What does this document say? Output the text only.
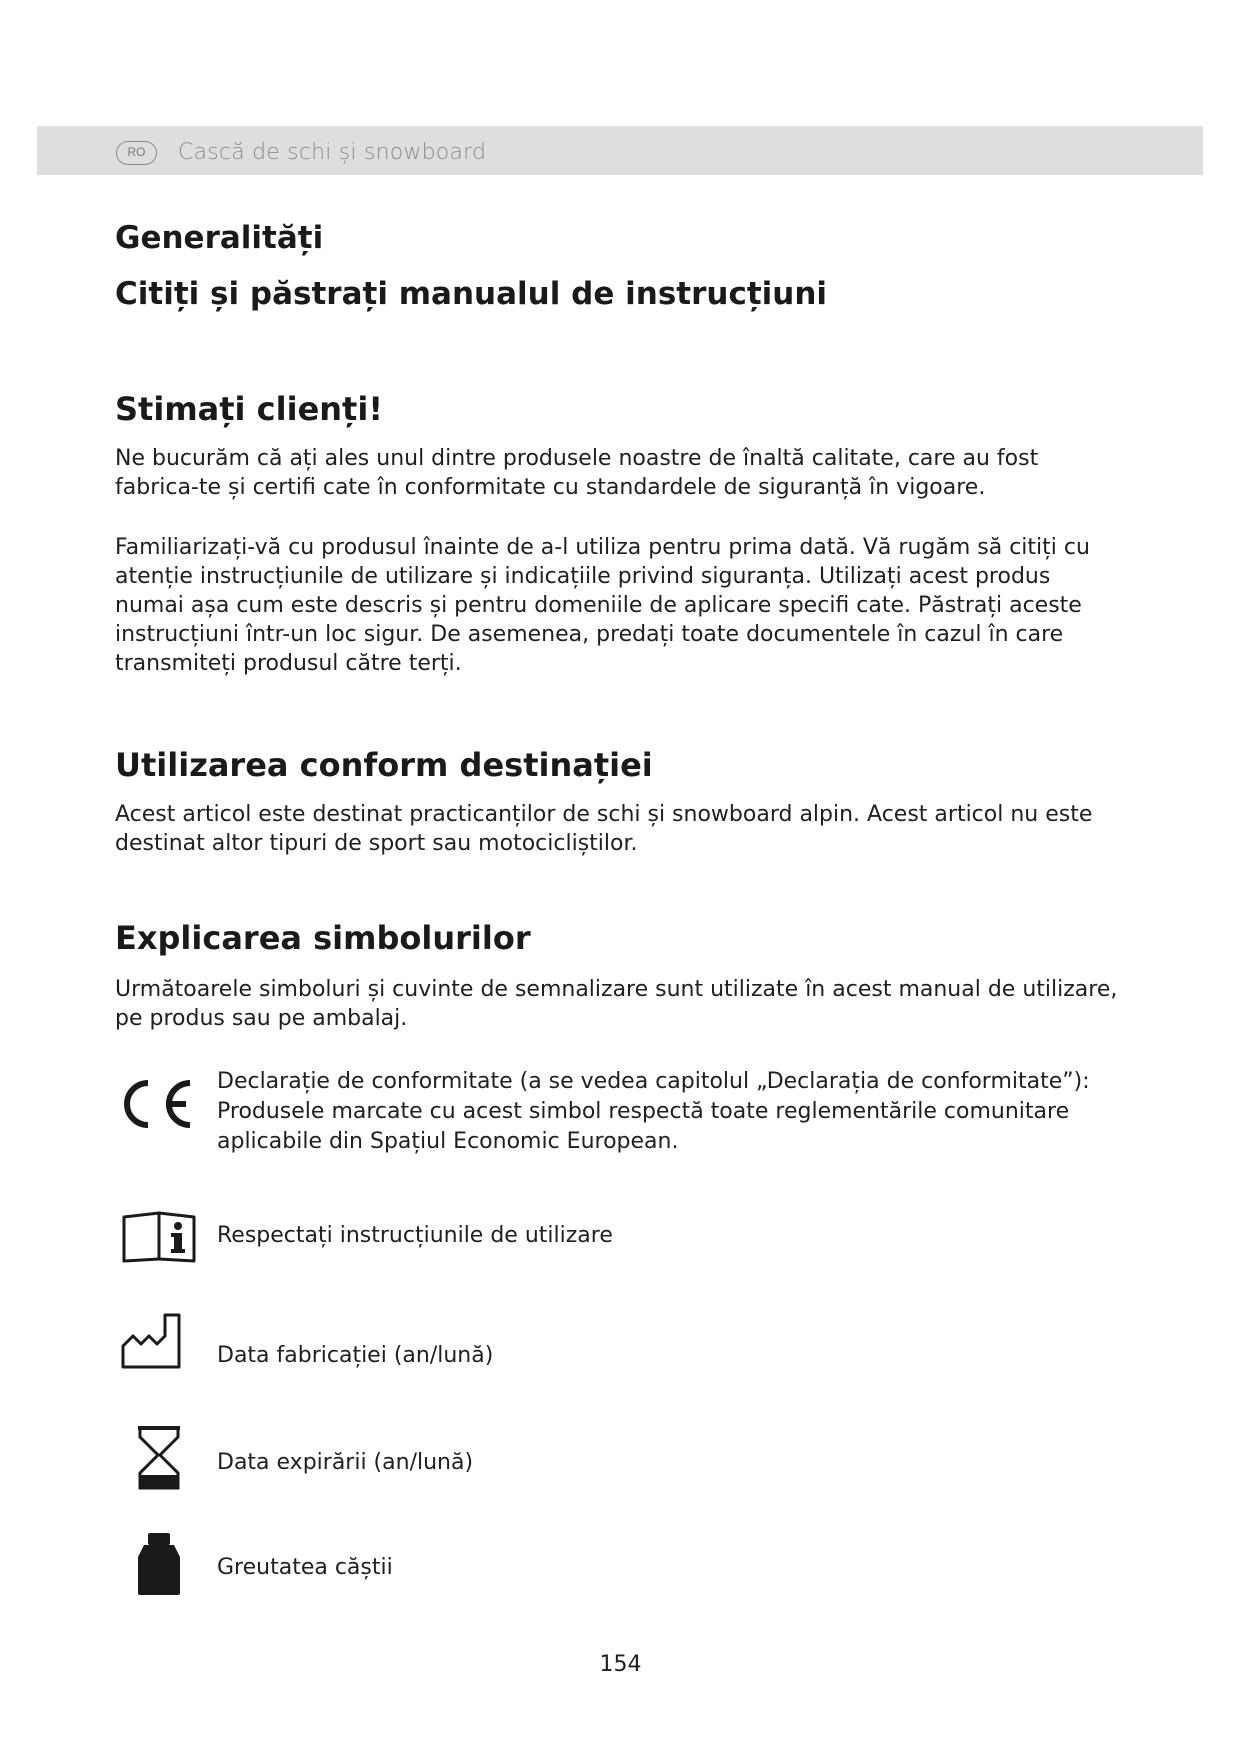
RO	Cască de schi și snowboard
Generalități
Citiți și păstrați manualul de instrucțiuni
Stimați clienți!

Ne bucurăm că ați ales unul dintre produsele noastre de înaltă calitate, care au fost fabrica-te și certifi cate în conformitate cu standardele de siguranță în vigoare.

Familiarizați-vă cu produsul înainte de a-l utiliza pentru prima dată. Vă rugăm să citiți cu atenție instrucțiunile de utilizare și indicațiile privind siguranța. Utilizați acest produs numai așa cum este descris și pentru domeniile de aplicare specifi cate. Păstrați aceste instrucțiuni într-un loc sigur. De asemenea, predați toate documentele în cazul în care transmiteți produsul către terți.

Utilizarea conform destinației

Acest articol este destinat practicanților de schi și snowboard alpin. Acest articol nu este destinat altor tipuri de sport sau motocicliștilor.

Explicarea simbolurilor

Următoarele simboluri și cuvinte de semnalizare sunt utilizate în acest manual de utilizare, pe produs sau pe ambalaj.

Declarație de conformitate (a se vedea capitolul „Declarația de conformitate”):

Produsele marcate cu acest simbol respectă toate reglementările comunitare

aplicabile din Spațiul Economic European.

Respectați instrucțiunile de utilizare

Data fabricației (an/lună)

Data expirării (an/lună)

Greutatea căștii

154
